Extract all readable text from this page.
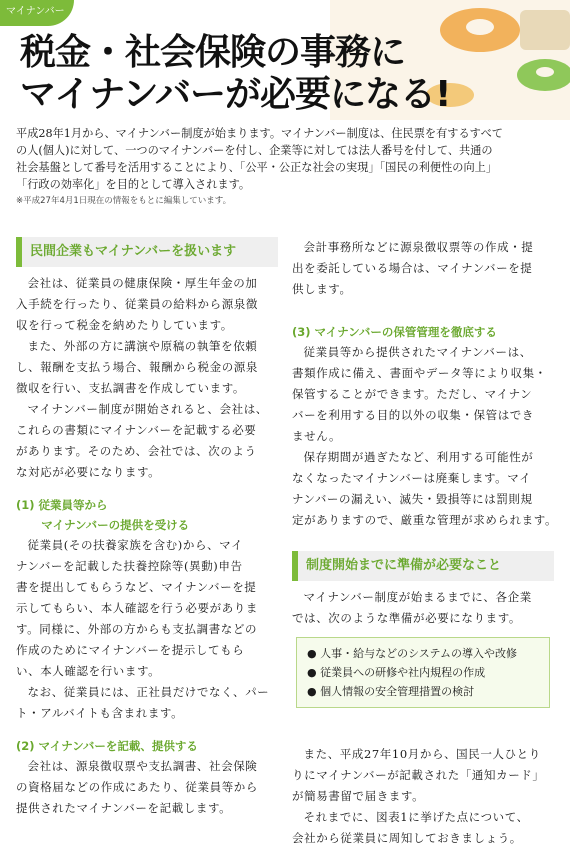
マイナンバー
税金・社会保険の事務に
マイナンバーが必要になる!

平成28年1月から、マイナンバー制度が始まります。マイナンバー制度は、住民票を有するすべて

の人(個人)に対して、一つのマイナンバーを付し、企業等に対しては法人番号を付して、共通の

社会基盤として番号を活用することにより、「公平・公正な社会の実現」「国民の利便性の向上」

「行政の効率化」を目的として導入されます。

※平成27年4月1日現在の情報をもとに編集しています。

民間企業もマイナンバーを扱います
会社は、従業員の健康保険・厚生年金の加
入手続を行ったり、従業員の給料から源泉徴
収を行って税金を納めたりしています。
また、外部の方に講演や原稿の執筆を依頼
し、報酬を支払う場合、報酬から税金の源泉
徴収を行い、支払調書を作成しています。
マイナンバー制度が開始されると、会社は、
これらの書類にマイナンバーを記載する必要
があります。そのため、会社では、次のよう
な対応が必要になります。
(1) 従業員等から
マイナンバーの提供を受ける
従業員(その扶養家族を含む)から、マイ
ナンバーを記載した扶養控除等(異動)申告
書を提出してもらうなど、マイナンバーを提
示してもらい、本人確認を行う必要がありま
す。同様に、外部の方からも支払調書などの
作成のためにマイナンバーを提示してもら
い、本人確認を行います。
なお、従業員には、正社員だけでなく、パー
ト・アルバイトも含まれます。
(2) マイナンバーを記載、提供する
会社は、源泉徴収票や支払調書、社会保険
の資格届などの作成にあたり、従業員等から
提供されたマイナンバーを記載します。
会計事務所などに源泉徴収票等の作成・提
出を委託している場合は、マイナンバーを提
供します。
(3) マイナンバーの保管管理を徹底する
従業員等から提供されたマイナンバーは、
書類作成に備え、書面やデータ等により収集・
保管することができます。ただし、マイナン
バーを利用する目的以外の収集・保管はでき
ません。
保存期間が過ぎたなど、利用する可能性が
なくなったマイナンバーは廃棄します。マイ
ナンバーの漏えい、滅失・毀損等には罰則規
定がありますので、厳重な管理が求められます。
制度開始までに準備が必要なこと
マイナンバー制度が始まるまでに、各企業
では、次のような準備が必要になります。
● 人事・給与などのシステムの導入や改修
● 従業員への研修や社内規程の作成
● 個人情報の安全管理措置の検討
また、平成27年10月から、国民一人ひとり
りにマイナンバーが記載された「通知カード」
が簡易書留で届きます。
それまでに、図表1に挙げた点について、
会社から従業員に周知しておきましょう。
